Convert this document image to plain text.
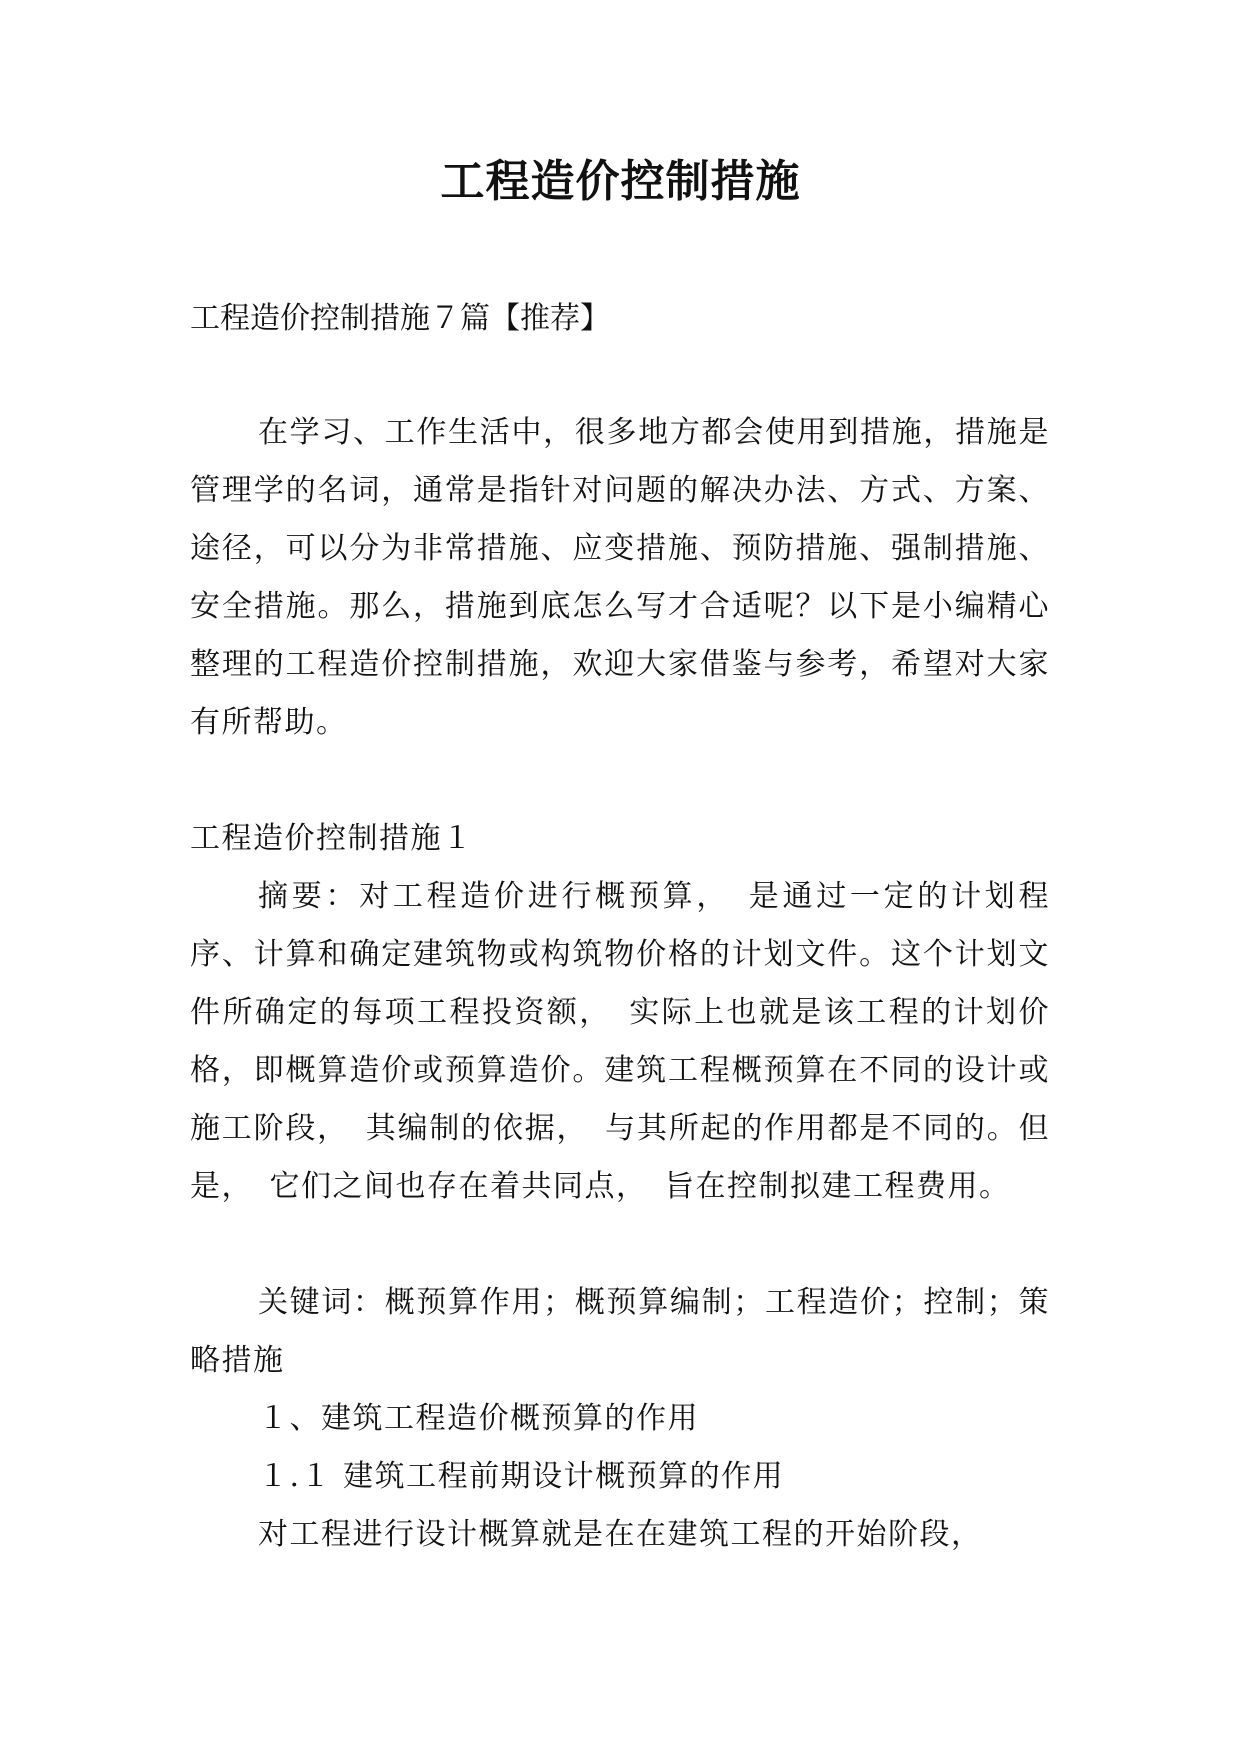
工程造价控制措施
工程造价控制措施７篇【推荐】
在学习、工作生活中，很多地方都会使用到措施，措施是管理学的名词，通常是指针对问题的解决办法、方式、方案、途径，可以分为非常措施、应变措施、预防措施、强制措施、安全措施。那么，措施到底怎么写才合适呢？以下是小编精心整理的工程造价控制措施，欢迎大家借鉴与参考，希望对大家有所帮助。
工程造价控制措施１
摘要：对工程造价进行概预算，　是通过一定的计划程序、计算和确定建筑物或构筑物价格的计划文件。这个计划文件所确定的每项工程投资额，　实际上也就是该工程的计划价格，即概算造价或预算造价。建筑工程概预算在不同的设计或施工阶段，　其编制的依据，　与其所起的作用都是不同的。但是，　它们之间也存在着共同点，　旨在控制拟建工程费用。
关键词：概预算作用；概预算编制；工程造价；控制；策略措施
１、建筑工程造价概预算的作用
１.１ 建筑工程前期设计概预算的作用
对工程进行设计概算就是在在建筑工程的开始阶段，
